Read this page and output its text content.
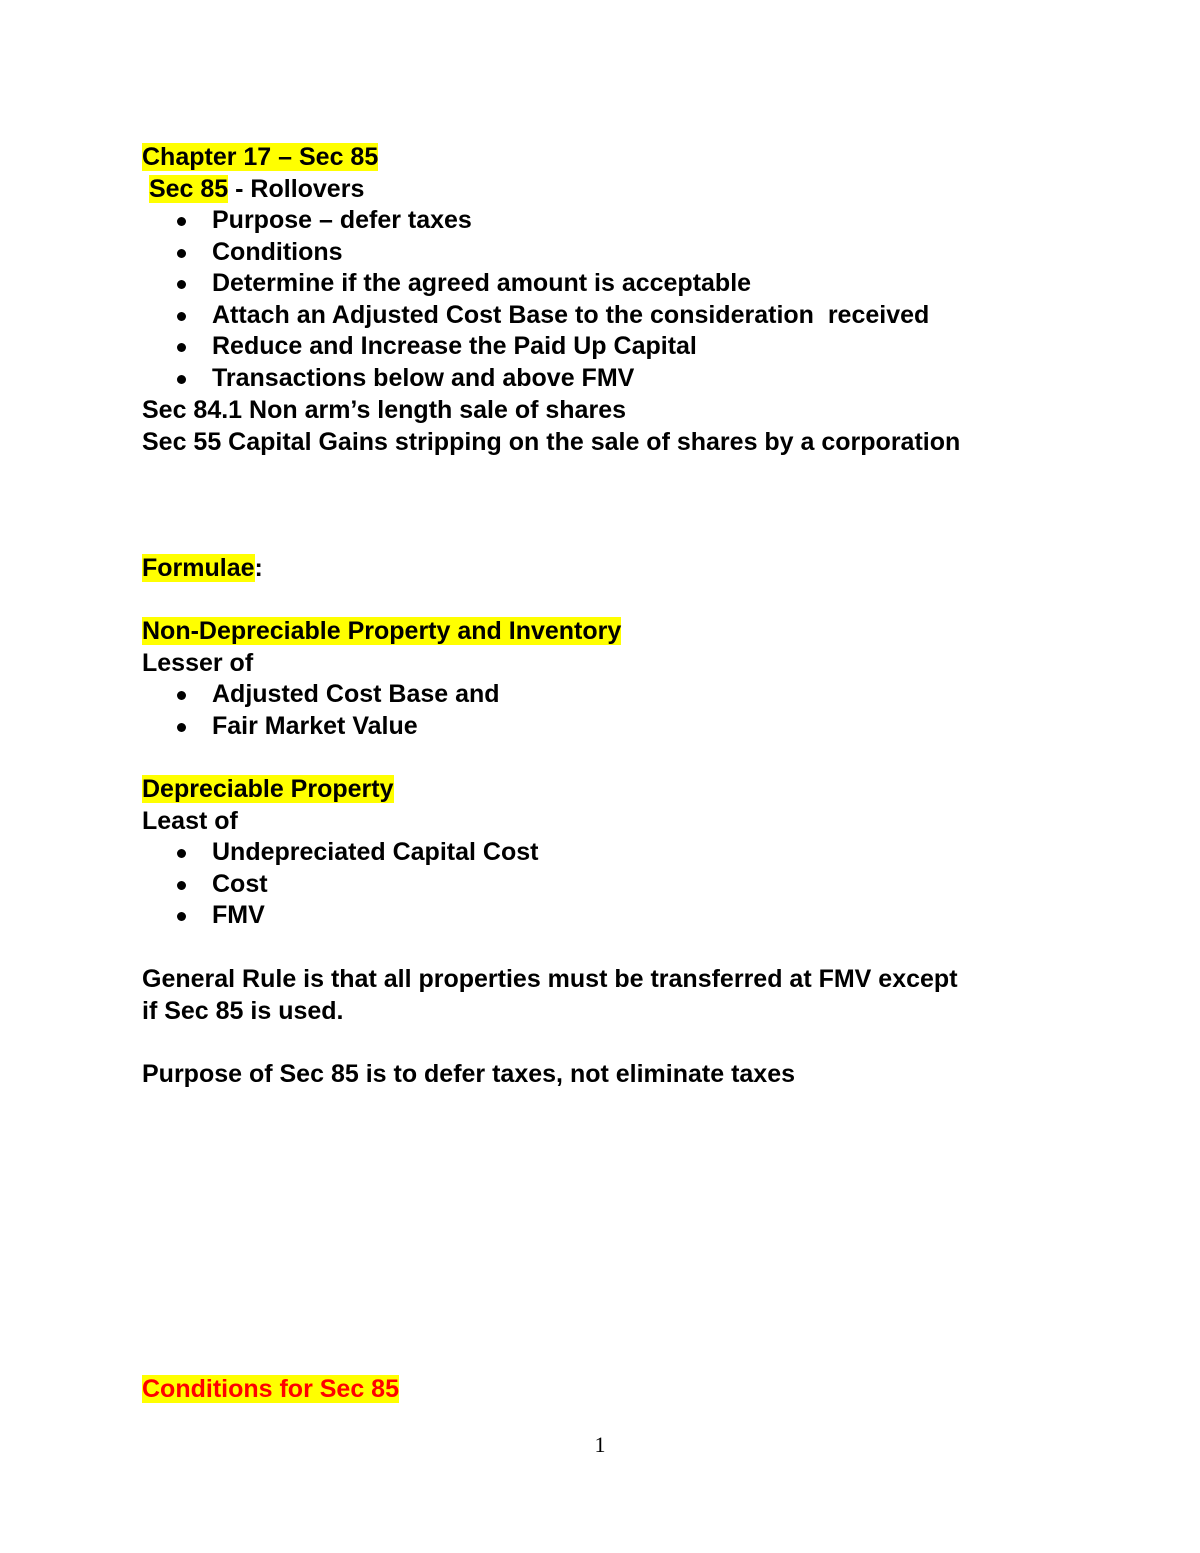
Chapter 17 – Sec 85
Sec 85 - Rollovers
Purpose – defer taxes
Conditions
Determine if the agreed amount is acceptable
Attach an Adjusted Cost Base to the consideration  received
Reduce and Increase the Paid Up Capital
Transactions below and above FMV
Sec 84.1 Non arm’s length sale of shares
Sec 55 Capital Gains stripping on the sale of shares by a corporation
Formulae:
Non-Depreciable Property and Inventory
Lesser of
Adjusted Cost Base and
Fair Market Value
Depreciable Property
Least of
Undepreciated Capital Cost
Cost
FMV
General Rule is that all properties must be transferred at FMV except
if Sec 85 is used.
Purpose of Sec 85 is to defer taxes, not eliminate taxes
Conditions for Sec 85
1
